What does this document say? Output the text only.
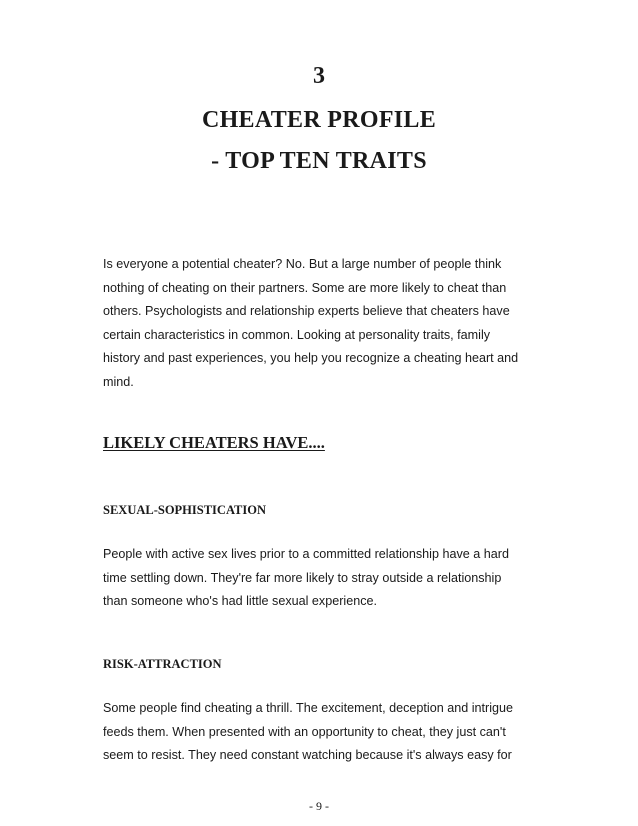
3
CHEATER PROFILE
- TOP TEN TRAITS

Is everyone a potential cheater? No. But a large number of people think
nothing of cheating on their partners. Some are more likely to cheat than
others. Psychologists and relationship experts believe that cheaters have
certain characteristics in common. Looking at personality traits, family
history and past experiences, you help you recognize a cheating heart and
mind.

LIKELY CHEATERS HAVE....
SEXUAL-SOPHISTICATION

People with active sex lives prior to a committed relationship have a hard
time settling down. They're far more likely to stray outside a relationship
than someone who's had little sexual experience.

RISK-ATTRACTION

Some people find cheating a thrill. The excitement, deception and intrigue
feeds them. When presented with an opportunity to cheat, they just can't
seem to resist. They need constant watching because it's always easy for

- 9 -
